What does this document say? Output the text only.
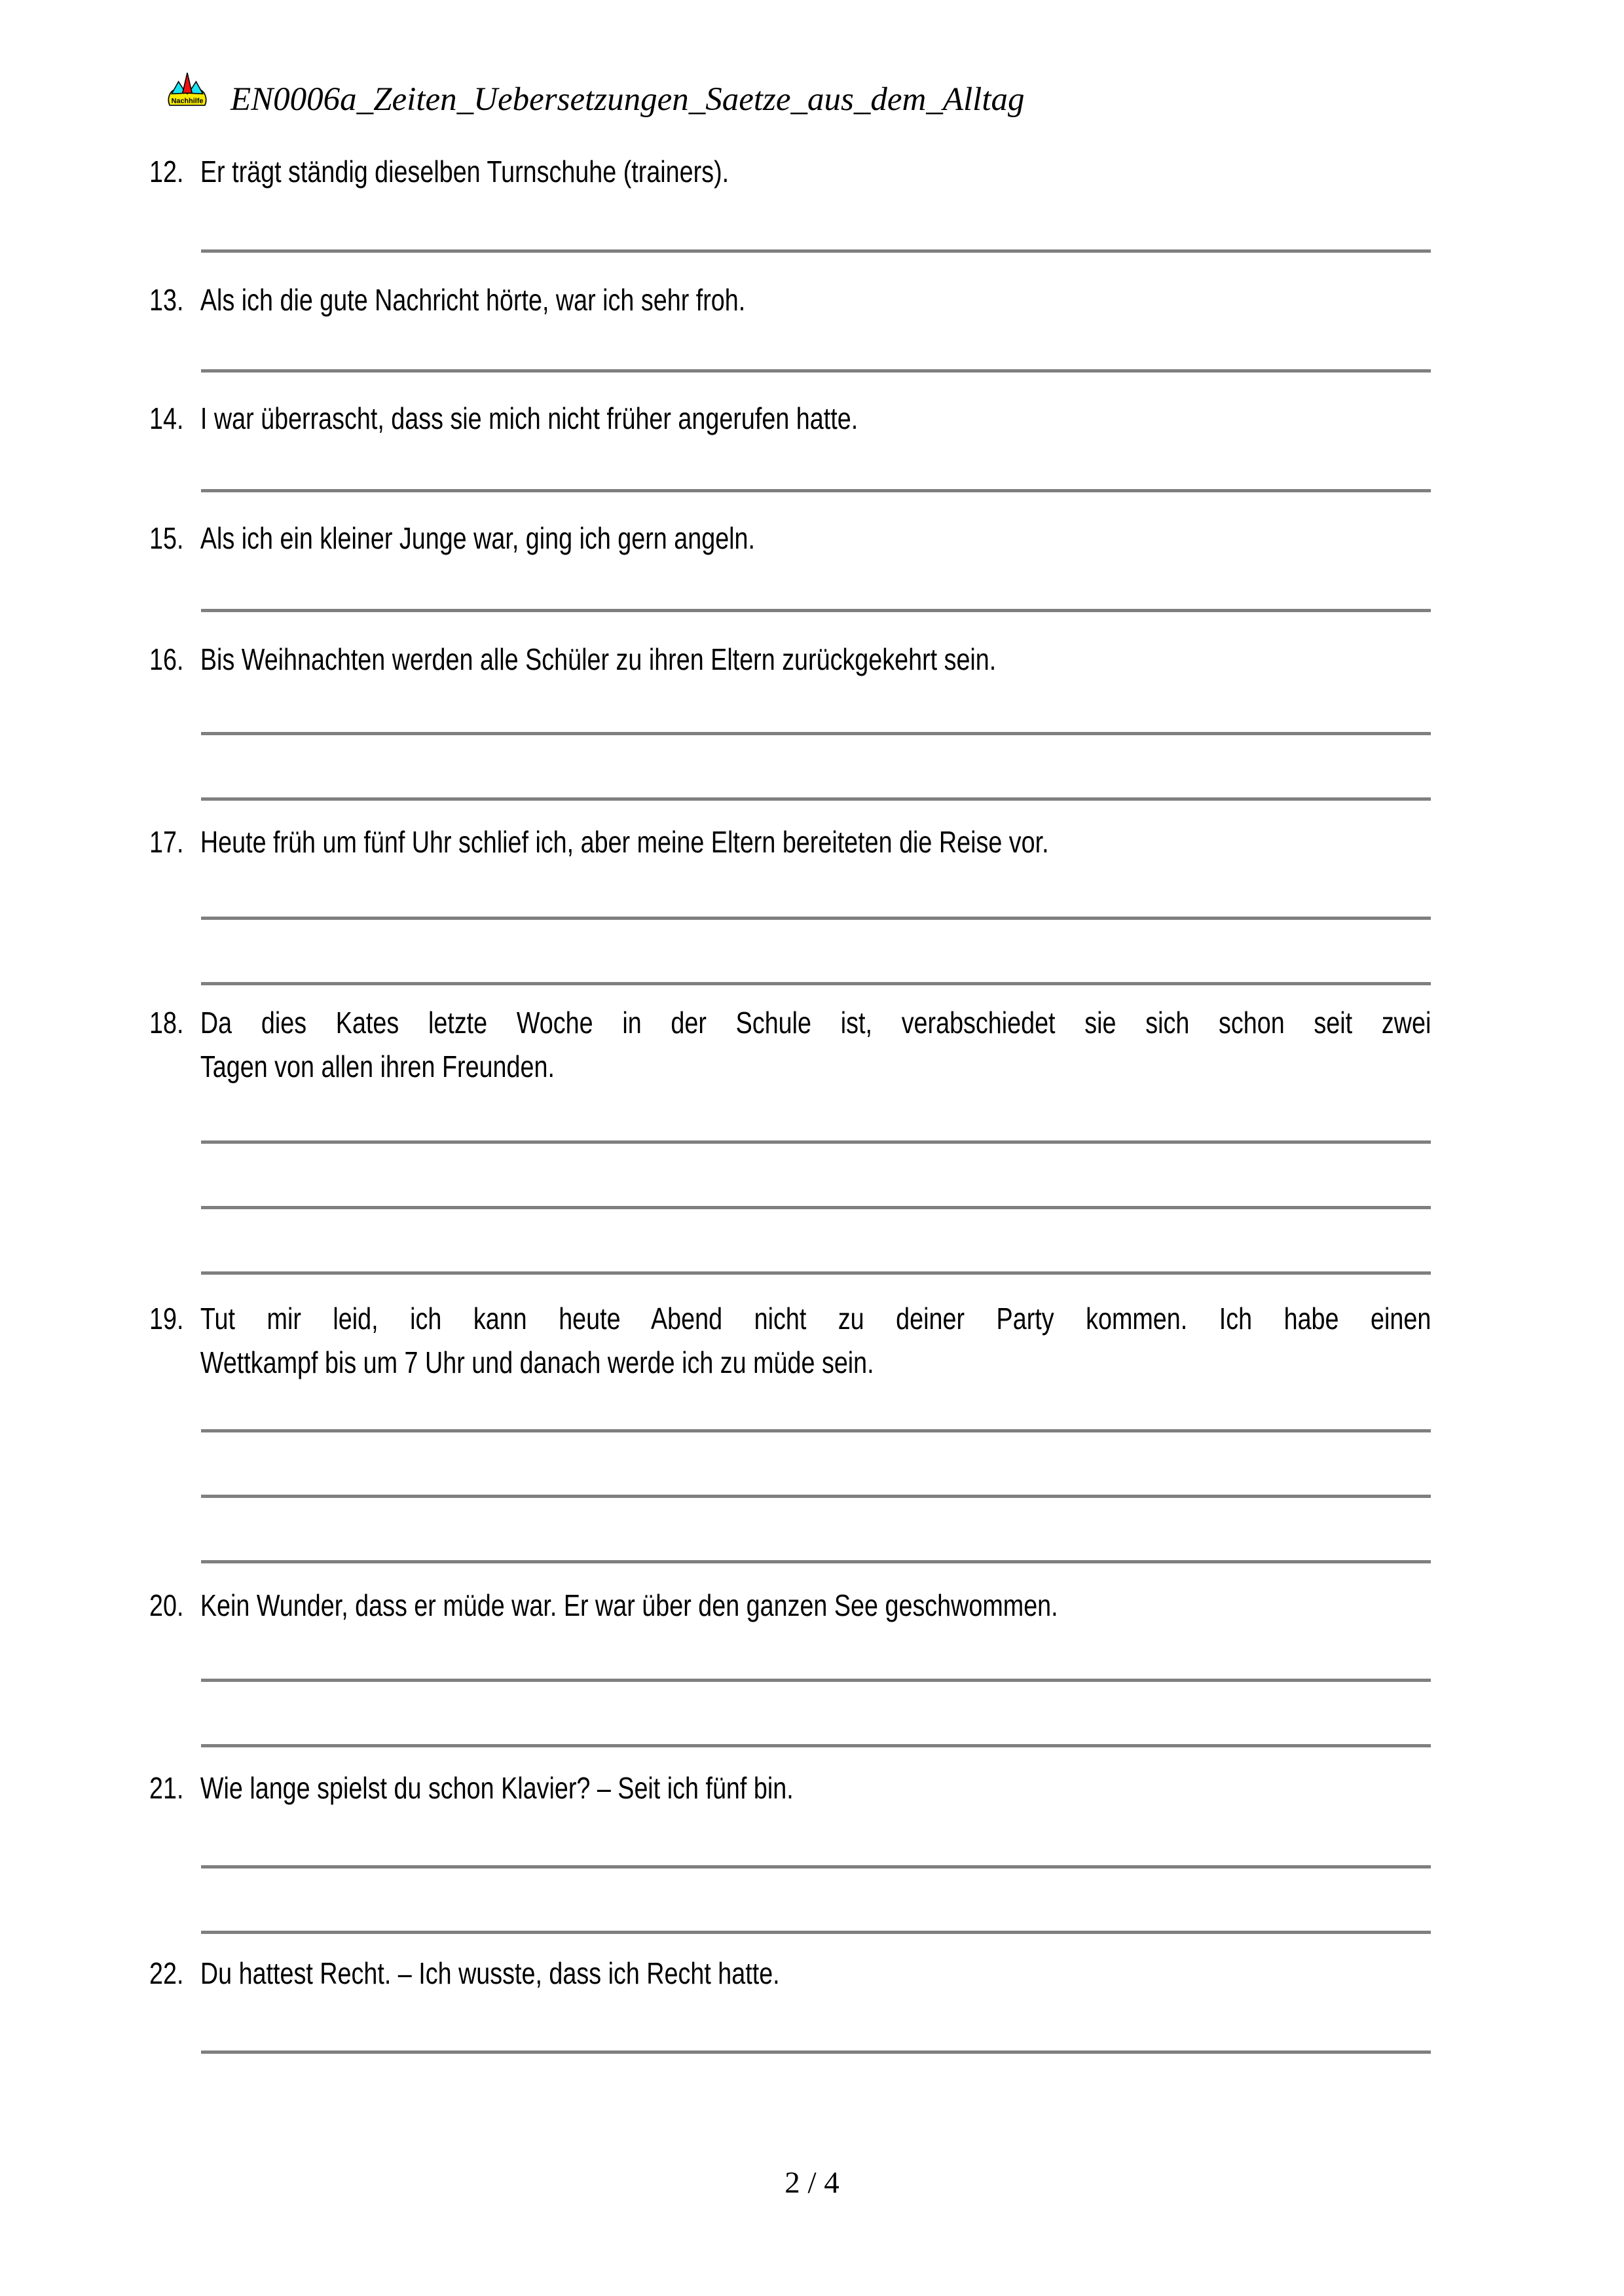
Nachhilfe EN0006a_Zeiten_Uebersetzungen_Saetze_aus_dem_Alltag
12. Er trägt ständig dieselben Turnschuhe (trainers).
13. Als ich die gute Nachricht hörte, war ich sehr froh.
14. I war überrascht, dass sie mich nicht früher angerufen hatte.
15. Als ich ein kleiner Junge war, ging ich gern angeln.
16. Bis Weihnachten werden alle Schüler zu ihren Eltern zurückgekehrt sein.
17. Heute früh um fünf Uhr schlief ich, aber meine Eltern bereiteten die Reise vor.
18. Da dies Kates letzte Woche in der Schule ist, verabschiedet sie sich schon seit zwei
Tagen von allen ihren Freunden.
19. Tut mir leid, ich kann heute Abend nicht zu deiner Party kommen. Ich habe einen
Wettkampf bis um 7 Uhr und danach werde ich zu müde sein.
20. Kein Wunder, dass er müde war. Er war über den ganzen See geschwommen.
21. Wie lange spielst du schon Klavier? – Seit ich fünf bin.
22. Du hattest Recht. – Ich wusste, dass ich Recht hatte.
2 / 4
